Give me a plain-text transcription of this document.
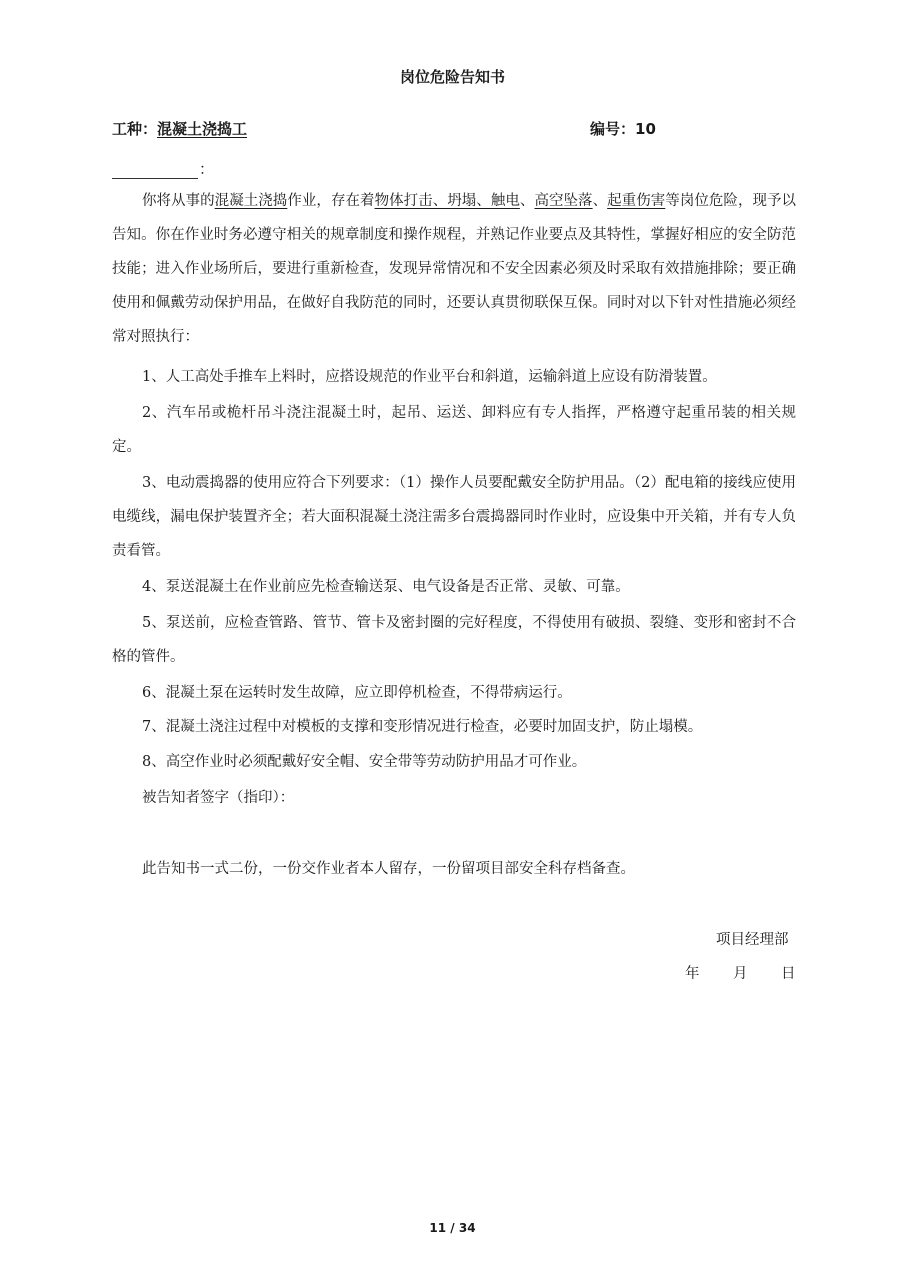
岗位危险告知书
工种：混凝土浇捣工	编号：10
：
你将从事的混凝土浇捣作业，存在着物体打击、坍塌、触电、高空坠落、起重伤害等岗位危险，现予以告知。你在作业时务必遵守相关的规章制度和操作规程，并熟记作业要点及其特性，掌握好相应的安全防范技能；进入作业场所后，要进行重新检查，发现异常情况和不安全因素必须及时采取有效措施排除；要正确使用和佩戴劳动保护用品，在做好自我防范的同时，还要认真贯彻联保互保。同时对以下针对性措施必须经常对照执行：
1、人工高处手推车上料时，应搭设规范的作业平台和斜道，运输斜道上应设有防滑装置。
2、汽车吊或桅杆吊斗浇注混凝土时，起吊、运送、卸料应有专人指挥，严格遵守起重吊装的相关规定。
3、电动震捣器的使用应符合下列要求：（1）操作人员要配戴安全防护用品。（2）配电箱的接线应使用电缆线，漏电保护装置齐全；若大面积混凝土浇注需多台震捣器同时作业时，应设集中开关箱，并有专人负责看管。
4、泵送混凝土在作业前应先检查输送泵、电气设备是否正常、灵敏、可靠。
5、泵送前，应检查管路、管节、管卡及密封圈的完好程度，不得使用有破损、裂缝、变形和密封不合格的管件。
6、混凝土泵在运转时发生故障，应立即停机检查，不得带病运行。
7、混凝土浇注过程中对模板的支撑和变形情况进行检查，必要时加固支护，防止塌模。
8、高空作业时必须配戴好安全帽、安全带等劳动防护用品才可作业。
被告知者签字（指印）：
此告知书一式二份，一份交作业者本人留存，一份留项目部安全科存档备查。
项目经理部
年 月 日
11 / 34
